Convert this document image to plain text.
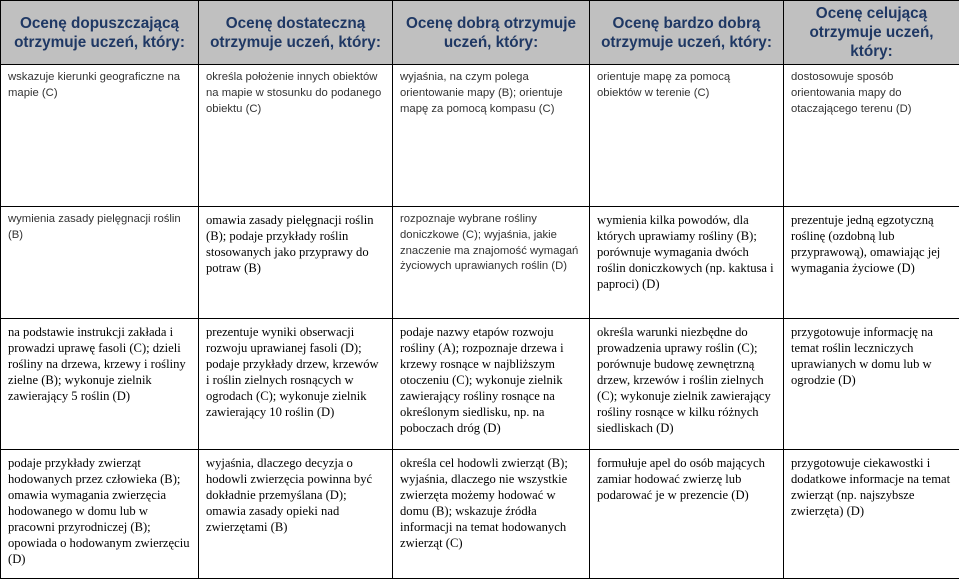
Ocenę dopuszczającą otrzymuje uczeń, który:	Ocenę dostateczną otrzymuje uczeń, który:	Ocenę dobrą otrzymuje uczeń, który:	Ocenę bardzo dobrą otrzymuje uczeń, który:	Ocenę celującą otrzymuje uczeń, który:
wskazuje kierunki geograficzne na mapie (C)	określa położenie innych obiektów na mapie w stosunku do podanego obiektu (C)	wyjaśnia, na czym polega orientowanie mapy (B); orientuje mapę za pomocą kompasu (C)	orientuje mapę za pomocą obiektów w terenie (C)	dostosowuje sposób orientowania mapy do otaczającego terenu (D)
wymienia zasady pielęgnacji roślin (B)	omawia zasady pielęgnacji roślin (B); podaje przykłady roślin stosowanych jako przyprawy do potraw (B)	rozpoznaje wybrane rośliny doniczkowe (C); wyjaśnia, jakie znaczenie ma znajomość wymagań życiowych uprawianych roślin (D)	wymienia kilka powodów, dla których uprawiamy rośliny (B); porównuje wymagania dwóch roślin doniczkowych (np. kaktusa i paproci) (D)	prezentuje jedną egzotyczną roślinę (ozdobną lub przyprawową), omawiając jej wymagania życiowe (D)
na podstawie instrukcji zakłada i prowadzi uprawę fasoli (C); dzieli rośliny na drzewa, krzewy i rośliny zielne (B); wykonuje zielnik zawierający 5 roślin (D)	prezentuje wyniki obserwacji rozwoju uprawianej fasoli (D); podaje przykłady drzew, krzewów i roślin zielnych rosnących w ogrodach (C); wykonuje zielnik zawierający 10 roślin (D)	podaje nazwy etapów rozwoju rośliny (A); rozpoznaje drzewa i krzewy rosnące w najbliższym otoczeniu (C); wykonuje zielnik zawierający rośliny rosnące na określonym siedlisku, np. na poboczach dróg (D)	określa warunki niezbędne do prowadzenia uprawy roślin (C); porównuje budowę zewnętrzną drzew, krzewów i roślin zielnych (C); wykonuje zielnik zawierający rośliny rosnące w kilku różnych siedliskach (D)	przygotowuje informację na temat roślin leczniczych uprawianych w domu lub w ogrodzie (D)
podaje przykłady zwierząt hodowanych przez człowieka (B); omawia wymagania zwierzęcia hodowanego w domu lub w pracowni przyrodniczej (B); opowiada o hodowanym zwierzęciu (D)	wyjaśnia, dlaczego decyzja o hodowli zwierzęcia powinna być dokładnie przemyślana (D); omawia zasady opieki nad zwierzętami (B)	określa cel hodowli zwierząt (B); wyjaśnia, dlaczego nie wszystkie zwierzęta możemy hodować w domu (B); wskazuje źródła informacji na temat hodowanych zwierząt (C)	formułuje apel do osób mających zamiar hodować zwierzę lub podarować je w prezencie (D)	przygotowuje ciekawostki i dodatkowe informacje na temat zwierząt (np. najszybsze zwierzęta) (D)
